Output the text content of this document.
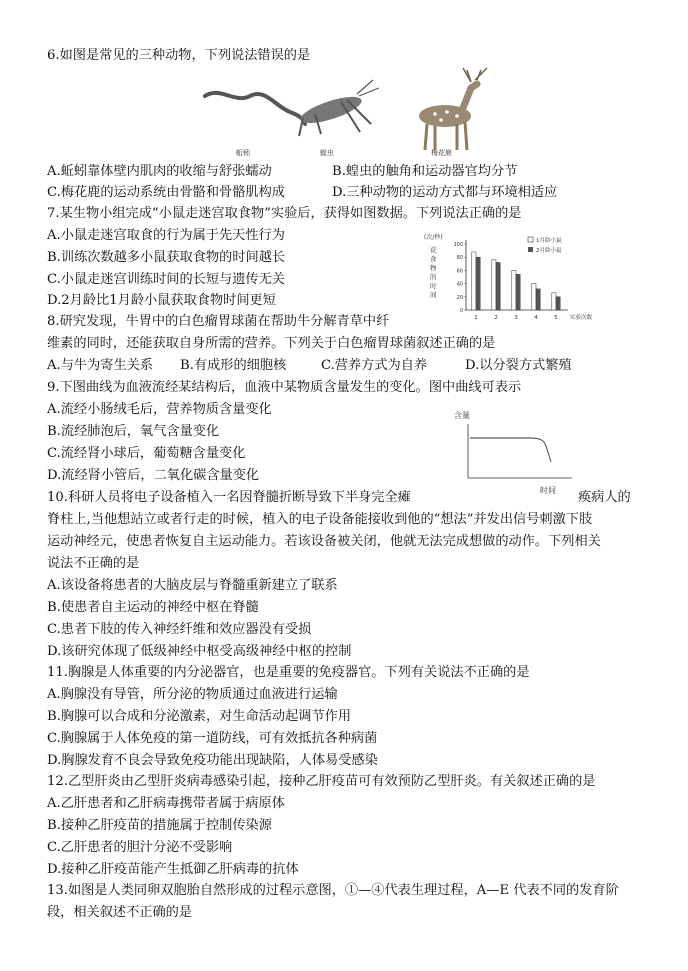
6.如图是常见的三种动物，下列说法错误的是
蚯蚓	蝗虫	梅花鹿
A.蚯蚓靠体壁内肌肉的收缩与舒张蠕动	B.蝗虫的触角和运动器官均分节
C.梅花鹿的运动系统由骨骼和骨骼肌构成	D.三种动物的运动方式都与环境相适应
7.某生物小组完成“小鼠走迷宫取食物”实验后，获得如图数据。下列说法正确的是
A.小鼠走迷宫取食的行为属于先天性行为
B.训练次数越多小鼠获取食物的时间越长
C.小鼠走迷宫训练时间的长短与遗传无关
D.2月龄比1月龄小鼠获取食物时间更短
(次/秒)
获
食
物
的
时
间
100
80
60
40
20
0
1	2	3	4	5 实验次数
1月龄小鼠
2月龄小鼠
8.研究发现，牛胃中的白色瘤胃球菌在帮助牛分解青草中纤
维素的同时，还能获取自身所需的营养。下列关于白色瘤胃球菌叙述正确的是
A.与牛为寄生关系 B.有成形的细胞核	C.营养方式为自养	D.以分裂方式繁殖
9.下图曲线为血液流经某结构后，血液中某物质含量发生的变化。图中曲线可表示
A.流经小肠绒毛后，营养物质含量变化
B.流经肺泡后，氧气含量变化
C.流经肾小球后，葡萄糖含量变化
D.流经肾小管后，二氧化碳含量变化
含量
时间
10.科研人员将电子设备植入一名因脊髓折断导致下半身完全瘫	痪病人的
脊柱上,当他想站立或者行走的时候，植入的电子设备能接收到他的“想法”并发出信号刺激下肢
运动神经元，使患者恢复自主运动能力。若该设备被关闭，他就无法完成想做的动作。下列相关
说法不正确的是
A.该设备将患者的大脑皮层与脊髓重新建立了联系
B.使患者自主运动的神经中枢在脊髓
C.患者下肢的传入神经纤维和效应器没有受损
D.该研究体现了低级神经中枢受高级神经中枢的控制
11.胸腺是人体重要的内分泌器官，也是重要的免疫器官。下列有关说法不正确的是
A.胸腺没有导管，所分泌的物质通过血液进行运输
B.胸腺可以合成和分泌激素，对生命活动起调节作用
C.胸腺属于人体免疫的第一道防线，可有效抵抗各种病菌
D.胸腺发育不良会导致免疫功能出现缺陷，人体易受感染
12.乙型肝炎由乙型肝炎病毒感染引起，接种乙肝疫苗可有效预防乙型肝炎。有关叙述正确的是
A.乙肝患者和乙肝病毒携带者属于病原体
B.接种乙肝疫苗的措施属于控制传染源
C.乙肝患者的胆汁分泌不受影响
D.接种乙肝疫苗能产生抵御乙肝病毒的抗体
13.如图是人类同卵双胞胎自然形成的过程示意图，①—④代表生理过程，A—E 代表不同的发育阶
段，相关叙述不正确的是
